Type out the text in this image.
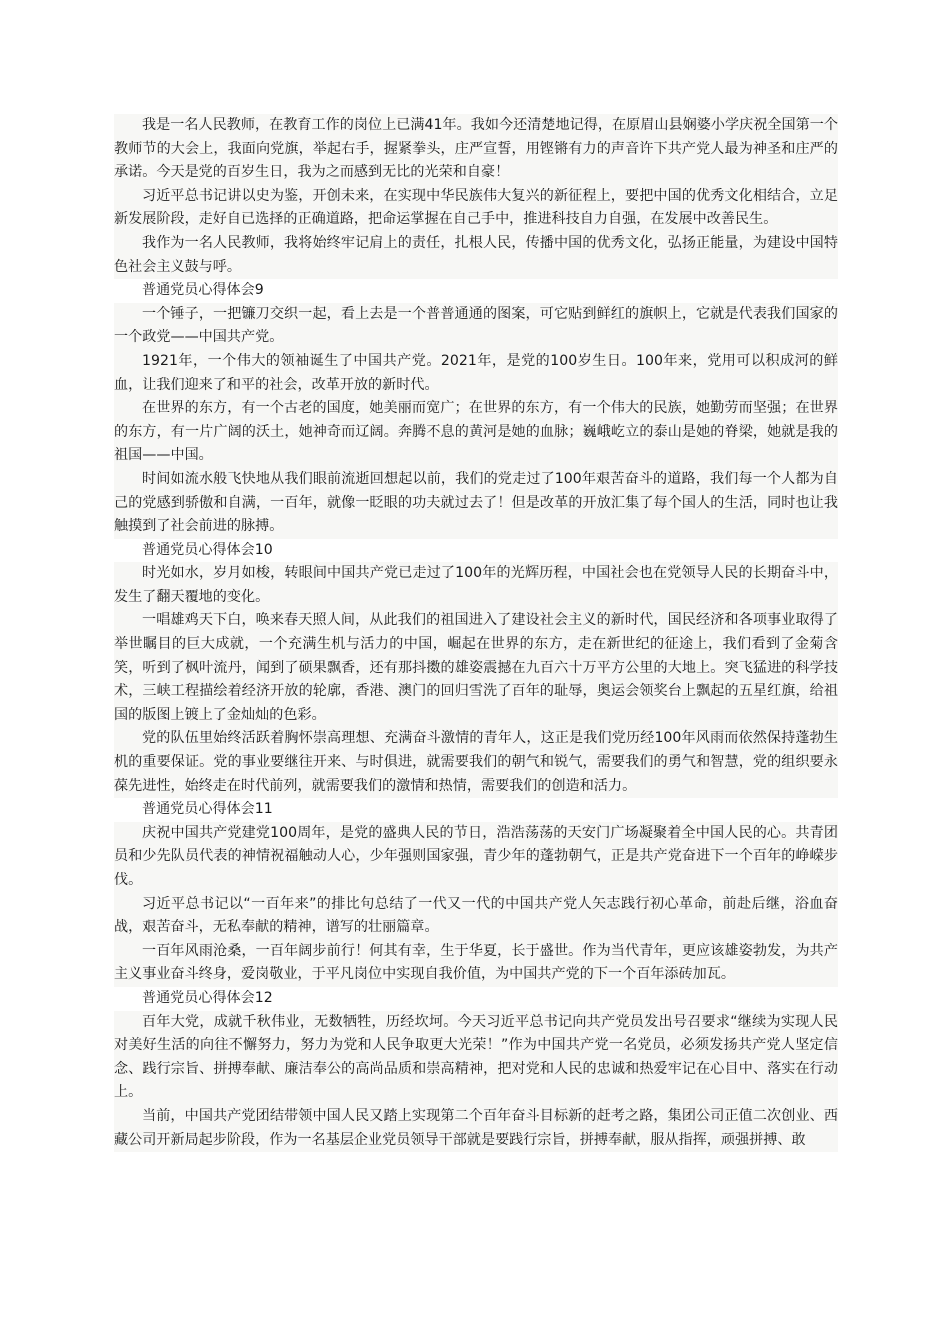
我是一名人民教师，在教育工作的岗位上已满41年。我如今还清楚地记得，在原眉山县娴婆小学庆祝全国第一个教师节的大会上，我面向党旗，举起右手，握紧拳头，庄严宣誓，用铿锵有力的声音许下共产党人最为神圣和庄严的承诺。今天是党的百岁生日，我为之而感到无比的光荣和自豪！

习近平总书记讲以史为鉴，开创未来，在实现中华民族伟大复兴的新征程上，要把中国的优秀文化相结合，立足新发展阶段，走好自已选择的正确道路，把命运掌握在自己手中，推进科技自力自强，在发展中改善民生。

我作为一名人民教师，我将始终牢记肩上的责任，扎根人民，传播中国的优秀文化，弘扬正能量，为建设中国特色社会主义鼓与呼。

普通党员心得体会9

一个锤子，一把镰刀交织一起，看上去是一个普普通通的图案，可它贴到鲜红的旗帜上，它就是代表我们国家的一个政党——中国共产党。

1921年，一个伟大的领袖诞生了中国共产党。2021年，是党的100岁生日。100年来，党用可以积成河的鲜血，让我们迎来了和平的社会，改革开放的新时代。

在世界的东方，有一个古老的国度，她美丽而宽广；在世界的东方，有一个伟大的民族，她勤劳而坚强；在世界的东方，有一片广阔的沃土，她神奇而辽阔。奔腾不息的黄河是她的血脉；巍峨屹立的泰山是她的脊梁，她就是我的祖国——中国。

时间如流水般飞快地从我们眼前流逝回想起以前，我们的党走过了100年艰苦奋斗的道路，我们每一个人都为自己的党感到骄傲和自满，一百年，就像一眨眼的功夫就过去了！但是改革的开放汇集了每个国人的生活，同时也让我触摸到了社会前进的脉搏。

普通党员心得体会10

时光如水，岁月如梭，转眼间中国共产党已走过了100年的光辉历程，中国社会也在党领导人民的长期奋斗中，发生了翻天覆地的变化。

一唱雄鸡天下白，唤来春天照人间，从此我们的祖国进入了建设社会主义的新时代，国民经济和各项事业取得了举世瞩目的巨大成就，一个充满生机与活力的中国，崛起在世界的东方，走在新世纪的征途上，我们看到了金菊含笑，听到了枫叶流丹，闻到了硕果飘香，还有那抖擞的雄姿震撼在九百六十万平方公里的大地上。突飞猛进的科学技术，三峡工程描绘着经济开放的轮廓，香港、澳门的回归雪洗了百年的耻辱，奥运会领奖台上飘起的五星红旗，给祖国的版图上镀上了金灿灿的色彩。

党的队伍里始终活跃着胸怀崇高理想、充满奋斗激情的青年人，这正是我们党历经100年风雨而依然保持蓬勃生机的重要保证。党的事业要继往开来、与时俱进，就需要我们的朝气和锐气，需要我们的勇气和智慧，党的组织要永葆先进性，始终走在时代前列，就需要我们的激情和热情，需要我们的创造和活力。

普通党员心得体会11

庆祝中国共产党建党100周年，是党的盛典人民的节日，浩浩荡荡的天安门广场凝聚着全中国人民的心。共青团员和少先队员代表的神情祝福触动人心，少年强则国家强，青少年的蓬勃朝气，正是共产党奋进下一个百年的峥嵘步伐。

习近平总书记以“一百年来”的排比句总结了一代又一代的中国共产党人矢志践行初心革命，前赴后继，浴血奋战，艰苦奋斗，无私奉献的精神，谱写的壮丽篇章。

一百年风雨沧桑，一百年阔步前行！何其有幸，生于华夏，长于盛世。作为当代青年，更应该雄姿勃发，为共产主义事业奋斗终身，爱岗敬业，于平凡岗位中实现自我价值，为中国共产党的下一个百年添砖加瓦。

普通党员心得体会12

百年大党，成就千秋伟业，无数牺牲，历经坎坷。今天习近平总书记向共产党员发出号召要求“继续为实现人民对美好生活的向往不懈努力，努力为党和人民争取更大光荣！”作为中国共产党一名党员，必须发扬共产党人坚定信念、践行宗旨、拼搏奉献、廉洁奉公的高尚品质和崇高精神，把对党和人民的忠诚和热爱牢记在心目中、落实在行动上。

当前，中国共产党团结带领中国人民又踏上实现第二个百年奋斗目标新的赶考之路，集团公司正值二次创业、西藏公司开新局起步阶段，作为一名基层企业党员领导干部就是要践行宗旨，拼搏奉献，服从指挥，顽强拼搏、敢
